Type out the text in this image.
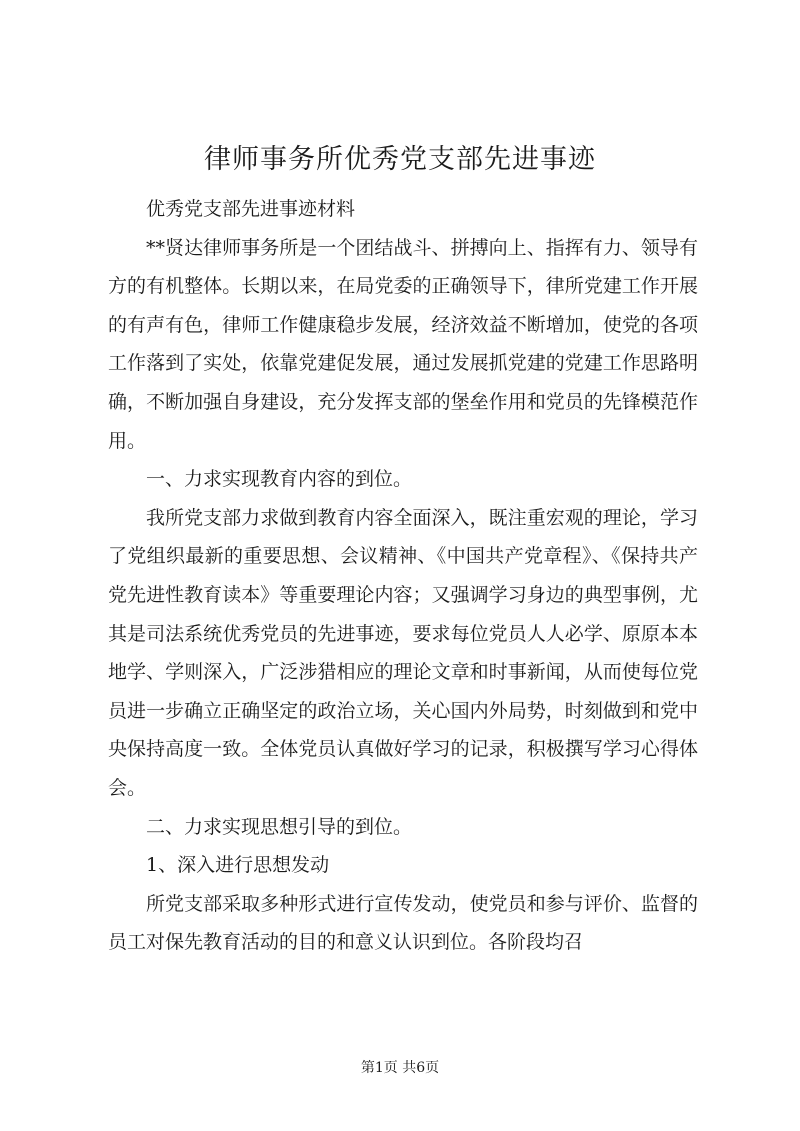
律师事务所优秀党支部先进事迹

优秀党支部先进事迹材料

**贤达律师事务所是一个团结战斗、拼搏向上、指挥有力、领导有方的有机整体。长期以来，在局党委的正确领导下，律所党建工作开展的有声有色，律师工作健康稳步发展，经济效益不断增加，使党的各项工作落到了实处，依靠党建促发展，通过发展抓党建的党建工作思路明确，不断加强自身建设，充分发挥支部的堡垒作用和党员的先锋模范作用。

一、力求实现教育内容的到位。

我所党支部力求做到教育内容全面深入，既注重宏观的理论，学习了党组织最新的重要思想、会议精神、《中国共产党章程》、《保持共产党先进性教育读本》等重要理论内容；又强调学习身边的典型事例，尤其是司法系统优秀党员的先进事迹，要求每位党员人人必学、原原本本地学、学则深入，广泛涉猎相应的理论文章和时事新闻，从而使每位党员进一步确立正确坚定的政治立场，关心国内外局势，时刻做到和党中央保持高度一致。全体党员认真做好学习的记录，积极撰写学习心得体会。

二、力求实现思想引导的到位。

1、深入进行思想发动

所党支部采取多种形式进行宣传发动，使党员和参与评价、监督的员工对保先教育活动的目的和意义认识到位。各阶段均召

第1页 共6页
